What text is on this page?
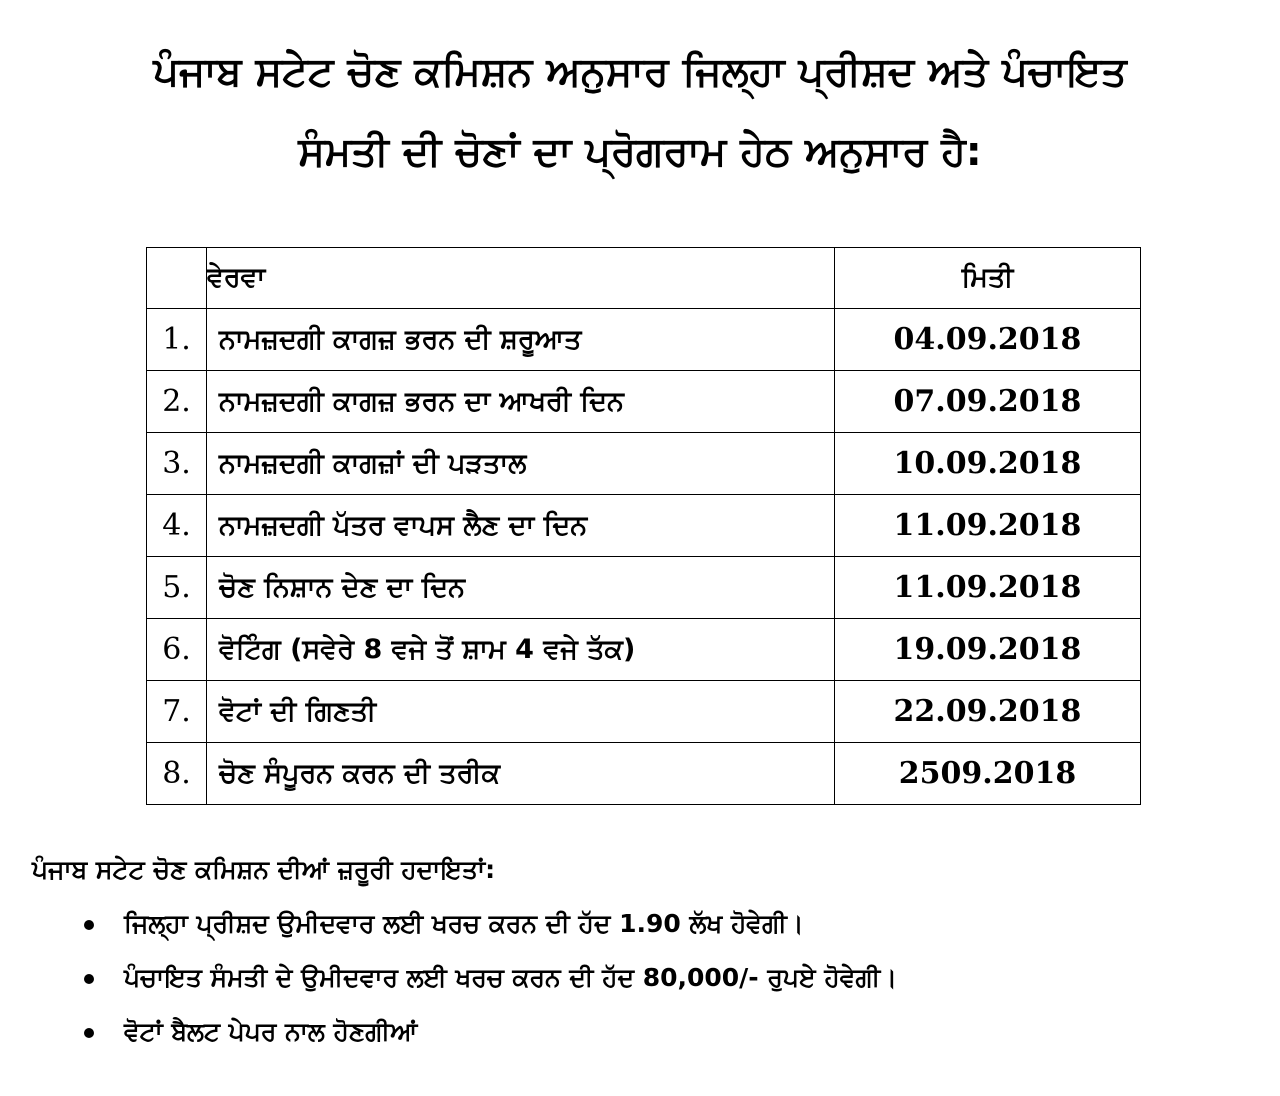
ਪੰਜਾਬ ਸਟੇਟ ਚੋਣ ਕਮਿਸ਼ਨ ਅਨੁਸਾਰ ਜਿਲ੍ਹਾ ਪ੍ਰੀਸ਼ਦ ਅਤੇ ਪੰਚਾਇਤ
ਸੰਮਤੀ ਦੀ ਚੋਣਾਂ ਦਾ ਪ੍ਰੋਗਰਾਮ ਹੇਠ ਅਨੁਸਾਰ ਹੈ:
	ਵੇਰਵਾ	ਮਿਤੀ
1.	ਨਾਮਜ਼ਦਗੀ ਕਾਗਜ਼ ਭਰਨ ਦੀ ਸ਼ਰੂਆਤ	04.09.2018
2.	ਨਾਮਜ਼ਦਗੀ ਕਾਗਜ਼ ਭਰਨ ਦਾ ਆਖਰੀ ਦਿਨ	07.09.2018
3.	ਨਾਮਜ਼ਦਗੀ ਕਾਗਜ਼ਾਂ ਦੀ ਪੜਤਾਲ	10.09.2018
4.	ਨਾਮਜ਼ਦਗੀ ਪੱਤਰ ਵਾਪਸ ਲੈਣ ਦਾ ਦਿਨ	11.09.2018
5.	ਚੋਣ ਨਿਸ਼ਾਨ ਦੇਣ ਦਾ ਦਿਨ	11.09.2018
6.	ਵੋਟਿੰਗ (ਸਵੇਰੇ 8 ਵਜੇ ਤੋਂ ਸ਼ਾਮ 4 ਵਜੇ ਤੱਕ)	19.09.2018
7.	ਵੋਟਾਂ ਦੀ ਗਿਣਤੀ	22.09.2018
8.	ਚੋਣ ਸੰਪੂਰਨ ਕਰਨ ਦੀ ਤਰੀਕ	2509.2018
ਪੰਜਾਬ ਸਟੇਟ ਚੋਣ ਕਮਿਸ਼ਨ ਦੀਆਂ ਜ਼ਰੂਰੀ ਹਦਾਇਤਾਂ:
ਜਿਲ੍ਹਾ ਪ੍ਰੀਸ਼ਦ ਉਮੀਦਵਾਰ ਲਈ ਖਰਚ ਕਰਨ ਦੀ ਹੱਦ 1.90 ਲੱਖ ਹੋਵੇਗੀ।
ਪੰਚਾਇਤ ਸੰਮਤੀ ਦੇ ਉਮੀਦਵਾਰ ਲਈ ਖਰਚ ਕਰਨ ਦੀ ਹੱਦ 80,000/- ਰੁਪਏ ਹੋਵੇਗੀ।
ਵੋਟਾਂ ਬੈਲਟ ਪੇਪਰ ਨਾਲ ਹੋਣਗੀਆਂ
